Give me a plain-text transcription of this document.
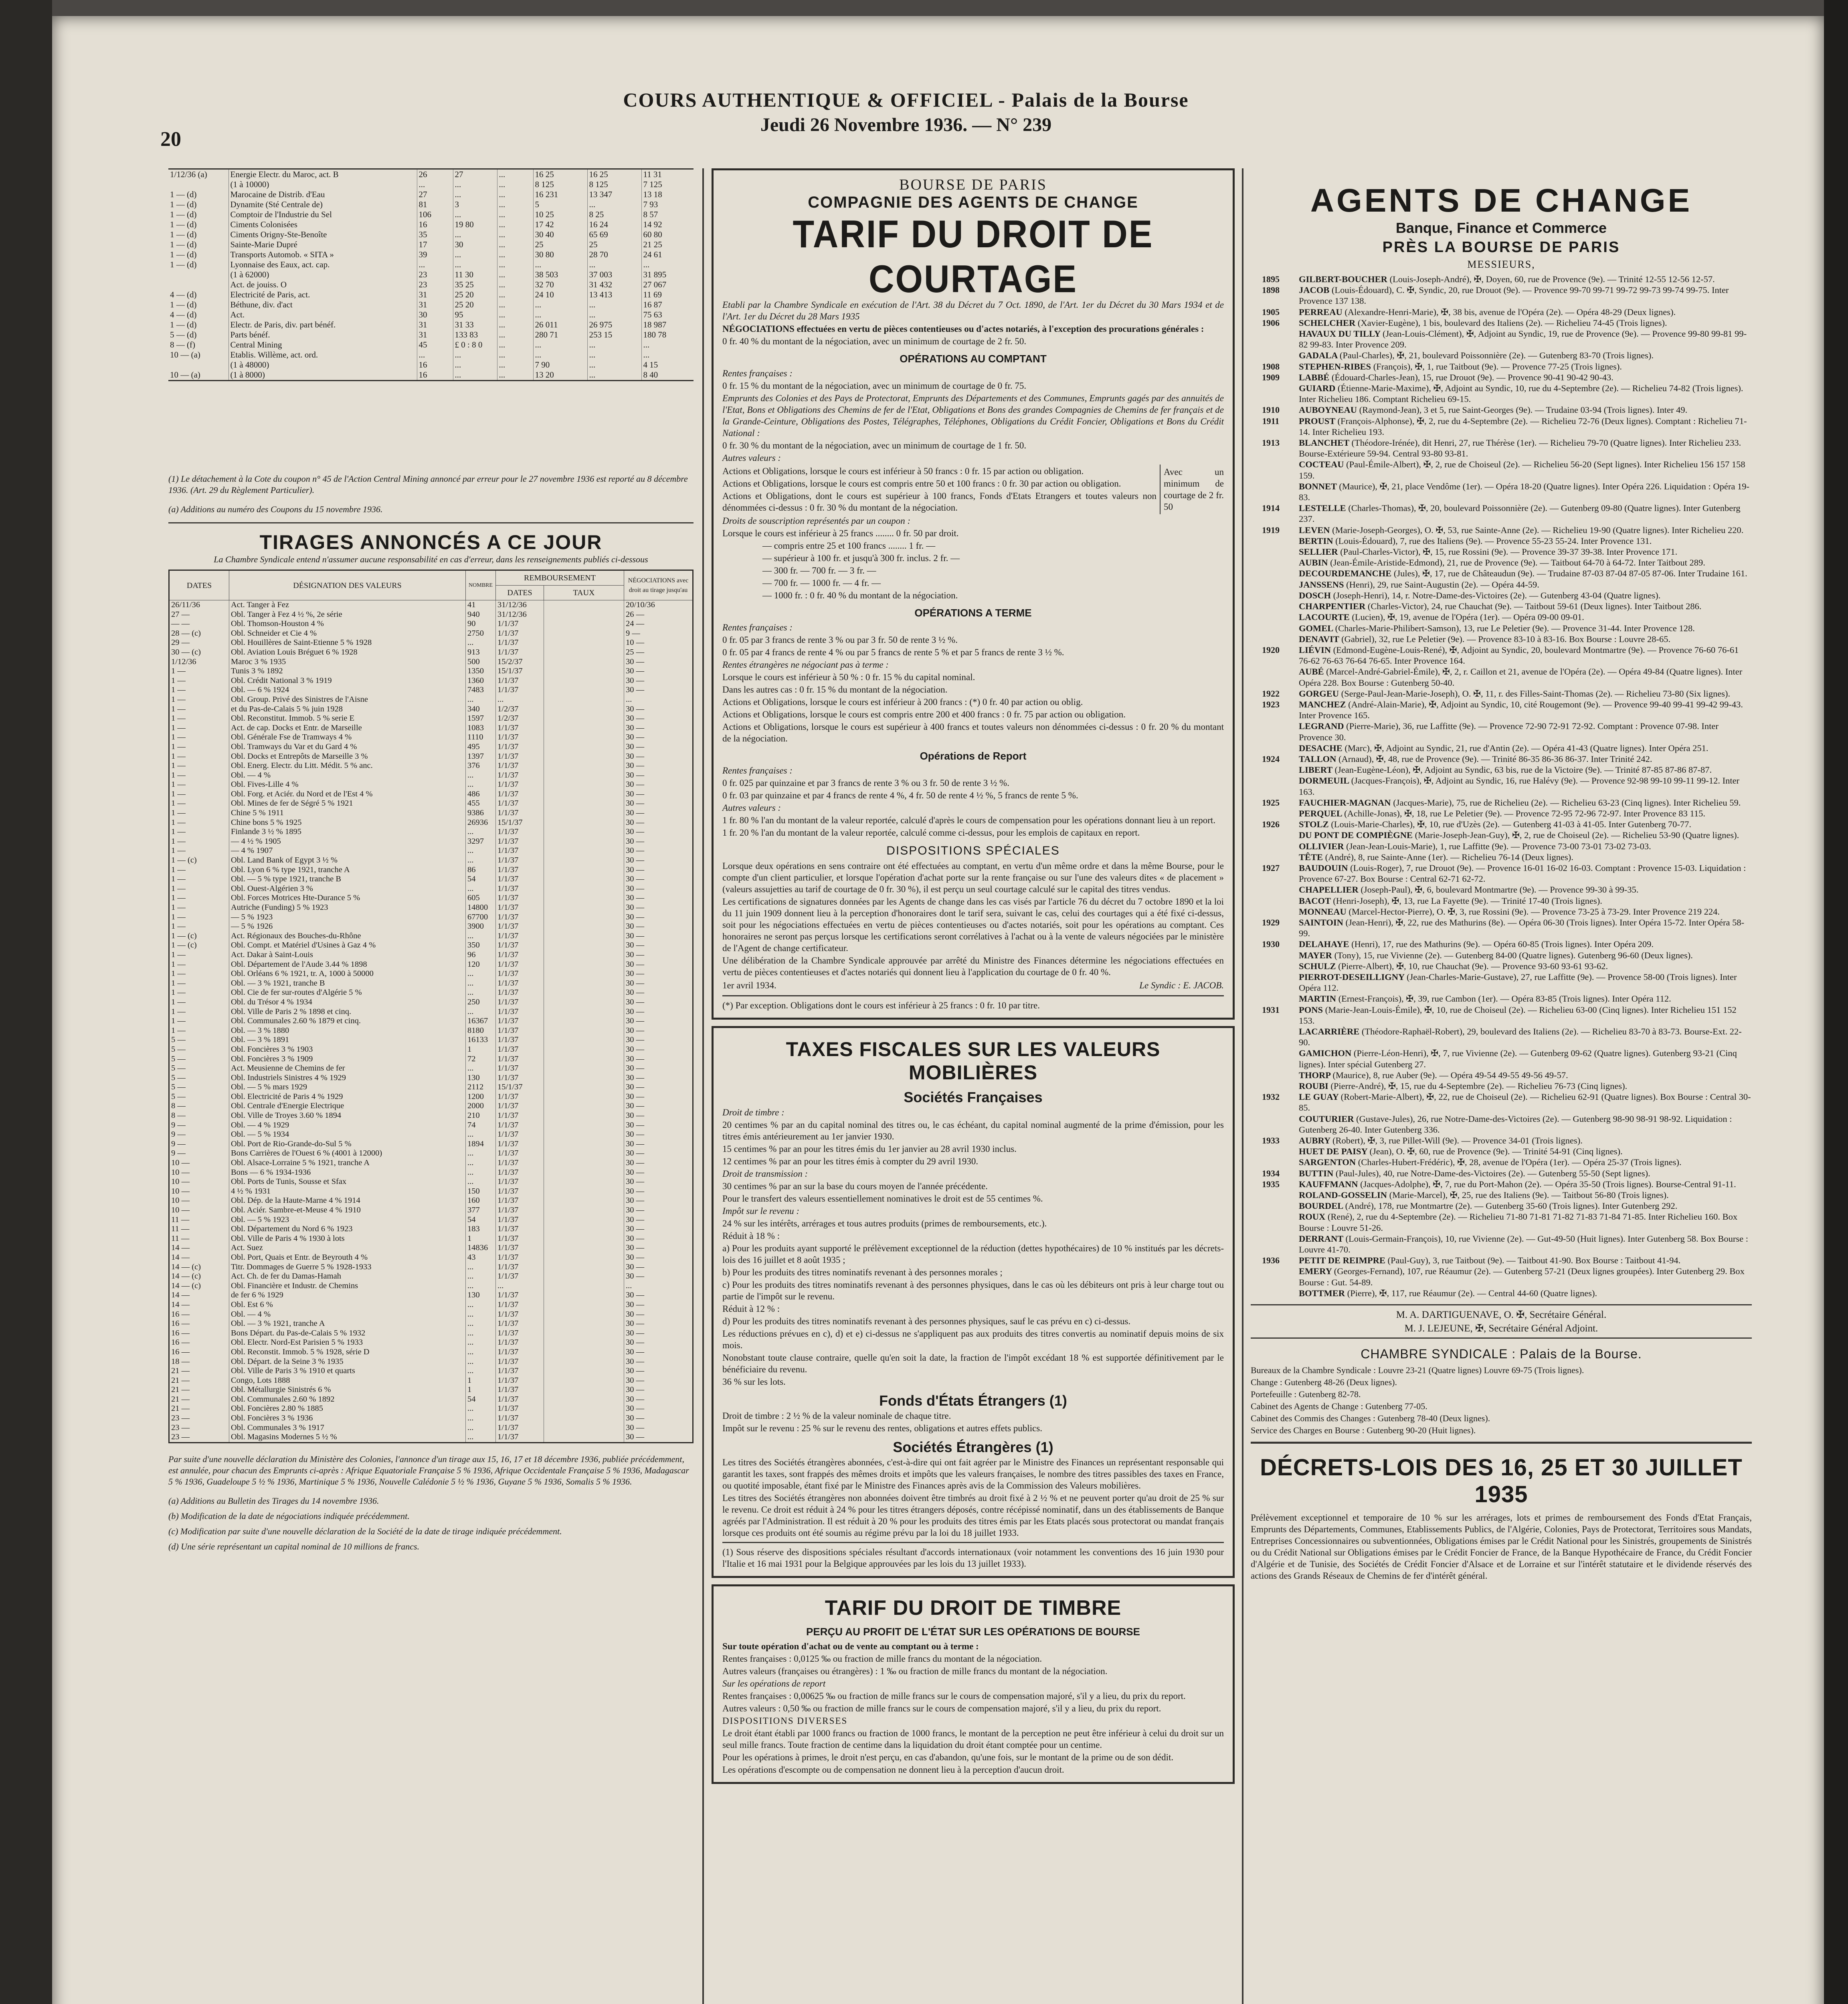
20
COURS AUTHENTIQUE & OFFICIEL - Palais de la Bourse
Jeudi 26 Novembre 1936. — N° 239
1/12/36 (a)	Energie Electr. du Maroc, act. B	26	27	...	16 25	16 25	11 31
	(1 à 10000)	...	...	...	8 125	8 125	7 125
1 — (d)	Marocaine de Distrib. d'Eau	27	...	...	16 231	13 347	13 18
1 — (d)	Dynamite (Sté Centrale de)	81	3	...	5	...	7 93
1 — (d)	Comptoir de l'Industrie du Sel	106	...	...	10 25	8 25	8 57
1 — (d)	Ciments Colonisées	16	19 80	...	17 42	16 24	14 92
1 — (d)	Ciments Origny-Ste-Benoîte	35	...	...	30 40	65 69	60 80
1 — (d)	Sainte-Marie Dupré	17	30	...	25	25	21 25
1 — (d)	Transports Automob. « SITA »	39	...	...	30 80	28 70	24 61
1 — (d)	Lyonnaise des Eaux, act. cap.	...	...	...	...	...	...
	(1 à 62000)	23	11 30	...	38 503	37 003	31 895
	Act. de jouiss. O	23	35 25	...	32 70	31 432	27 067
4 — (d)	Electricité de Paris, act.	31	25 20	...	24 10	13 413	11 69
1 — (d)	Béthune, div. d'act	31	25 20	...	...	...	16 87
4 — (d)	Act.	30	95	...	...	...	75 63
1 — (d)	Electr. de Paris, div. part bénéf.	31	31 33	...	26 011	26 975	18 987
5 — (d)	Parts bénéf.	31	133 83	...	280 71	253 15	180 78
8 — (f)	Central Mining	45	£ 0 : 8 0	...	...	...	...
10 — (a)	Etablis. Willème, act. ord.	...	...	...	...	...	...
	(1 à 48000)	16	...	...	7 90	...	4 15
10 — (a)	(1 à 8000)	16	...	...	13 20	...	8 40
(1) Le détachement à la Cote du coupon n° 45 de l'Action Central Mining annoncé par erreur pour le 27 novembre 1936 est reporté au 8 décembre 1936. (Art. 29 du Règlement Particulier).
(a) Additions au numéro des Coupons du 15 novembre 1936.
TIRAGES ANNONCÉS A CE JOUR
La Chambre Syndicale entend n'assumer aucune responsabilité en cas d'erreur, dans les renseignements publiés ci-dessous
DATES	DÉSIGNATION DES VALEURS	NOMBRE	REMBOURSEMENT		NÉGOCIATIONS avec droit au tirage jusqu'au
			DATES	TAUX	
26/11/36	Act. Tanger à Fez	41	31/12/36		20/10/36
27 —	Obl. Tanger à Fez 4 ½ %, 2e série	940	31/12/36		26 —
— —	Obl. Thomson-Houston 4 %	90	1/1/37		24 —
28 — (c)	Obl. Schneider et Cie 4 %	2750	1/1/37		9 —
29 —	Obl. Houillères de Saint-Etienne 5 % 1928	...	1/1/37		10 —
30 — (c)	Obl. Aviation Louis Bréguet 6 % 1928	913	1/1/37		25 —
1/12/36	Maroc 3 % 1935	500	15/2/37		30 —
1 —	Tunis 3 % 1892	1350	15/1/37		30 —
1 —	Obl. Crédit National 3 % 1919	1360	1/1/37		30 —
1 —	Obl. — 6 % 1924	7483	1/1/37		30 —
1 —	Obl. Group. Privé des Sinistres de l'Aisne	...	...		...
1 —	et du Pas-de-Calais 5 % juin 1928	340	1/2/37		30 —
1 —	Obl. Reconstitut. Immob. 5 % serie E	1597	1/2/37		30 —
1 —	Act. de cap. Docks et Entr. de Marseille	1083	1/1/37		30 —
1 —	Obl. Générale Fse de Tramways 4 %	1110	1/1/37		30 —
1 —	Obl. Tramways du Var et du Gard 4 %	495	1/1/37		30 —
1 —	Obl. Docks et Entrepôts de Marseille 3 %	1397	1/1/37		30 —
1 —	Obl. Energ. Electr. du Litt. Médit. 5 % anc.	376	1/1/37		30 —
1 —	Obl. — 4 %	...	1/1/37		30 —
1 —	Obl. Fives-Lille 4 %	...	1/1/37		30 —
1 —	Obl. Forg. et Aciér. du Nord et de l'Est 4 %	486	1/1/37		30 —
1 —	Obl. Mines de fer de Ségré 5 % 1921	455	1/1/37		30 —
1 —	Chine 5 % 1911	9386	1/1/37		30 —
1 —	Chine bons 5 % 1925	26936	15/1/37		30 —
1 —	Finlande 3 ½ % 1895	...	1/1/37		30 —
1 —	— 4 ½ % 1905	3297	1/1/37		30 —
1 —	— 4 % 1907	...	1/1/37		30 —
1 — (c)	Obl. Land Bank of Egypt 3 ½ %	...	1/1/37		30 —
1 —	Obl. Lyon 6 % type 1921, tranche A	86	1/1/37		30 —
1 —	Obl. — 5 % type 1921, tranche B	54	1/1/37		30 —
1 —	Obl. Ouest-Algérien 3 %	...	1/1/37		30 —
1 —	Obl. Forces Motrices Hte-Durance 5 %	605	1/1/37		30 —
1 —	Autriche (Funding) 5 % 1923	14800	1/1/37		30 —
1 —	— 5 % 1923	67700	1/1/37		30 —
1 —	— 5 % 1926	3900	1/1/37		30 —
1 — (c)	Act. Régionaux des Bouches-du-Rhône	...	1/1/37		30 —
1 — (c)	Obl. Compt. et Matériel d'Usines à Gaz 4 %	350	1/1/37		30 —
1 —	Act. Dakar à Saint-Louis	96	1/1/37		30 —
1 —	Obl. Département de l'Aude 3.44 % 1898	120	1/1/37		30 —
1 —	Obl. Orléans 6 % 1921, tr. A, 1000 à 50000	...	1/1/37		30 —
1 —	Obl. — 3 % 1921, tranche B	...	1/1/37		30 —
1 —	Obl. Cie de fer sur-routes d'Algérie 5 %	...	1/1/37		30 —
1 —	Obl. du Trésor 4 % 1934	250	1/1/37		30 —
1 —	Obl. Ville de Paris 2 % 1898 et cinq.	...	1/1/37		30 —
1 —	Obl. Communales 2.60 % 1879 et cinq.	16367	1/1/37		30 —
1 —	Obl. — 3 % 1880	8180	1/1/37		30 —
5 —	Obl. — 3 % 1891	16133	1/1/37		30 —
5 —	Obl. Foncières 3 % 1903	1	1/1/37		30 —
5 —	Obl. Foncières 3 % 1909	72	1/1/37		30 —
5 —	Act. Meusienne de Chemins de fer	...	1/1/37		30 —
5 —	Obl. Industriels Sinistres 4 % 1929	130	1/1/37		30 —
5 —	Obl. — 5 % mars 1929	2112	15/1/37		30 —
5 —	Obl. Electricité de Paris 4 % 1929	1200	1/1/37		30 —
8 —	Obl. Centrale d'Energie Electrique	2000	1/1/37		30 —
8 —	Obl. Ville de Troyes 3.60 % 1894	210	1/1/37		30 —
9 —	Obl. — 4 % 1929	74	1/1/37		30 —
9 —	Obl. — 5 % 1934	...	1/1/37		30 —
9 —	Obl. Port de Rio-Grande-do-Sul 5 %	1894	1/1/37		30 —
9 —	Bons Carrières de l'Ouest 6 % (4001 à 12000)	...	1/1/37		30 —
10 —	Obl. Alsace-Lorraine 5 % 1921, tranche A	...	1/1/37		30 —
10 —	Bons — 6 % 1934-1936	...	1/1/37		30 —
10 —	Obl. Ports de Tunis, Sousse et Sfax	...	1/1/37		30 —
10 —	4 ½ % 1931	150	1/1/37		30 —
10 —	Obl. Dép. de la Haute-Marne 4 % 1914	160	1/1/37		30 —
10 —	Obl. Aciér. Sambre-et-Meuse 4 % 1910	377	1/1/37		30 —
11 —	Obl. — 5 % 1923	54	1/1/37		30 —
11 —	Obl. Département du Nord 6 % 1923	183	1/1/37		30 —
11 —	Obl. Ville de Paris 4 % 1930 à lots	1	1/1/37		30 —
14 —	Act. Suez	14836	1/1/37		30 —
14 —	Obl. Port, Quais et Entr. de Beyrouth 4 %	43	1/1/37		30 —
14 — (c)	Titr. Dommages de Guerre 5 % 1928-1933	...	1/1/37		30 —
14 — (c)	Act. Ch. de fer du Damas-Hamah	...	1/1/37		30 —
14 — (c)	Obl. Financière et Industr. de Chemins	...	...		...
14 —	de fer 6 % 1929	130	1/1/37		30 —
14 —	Obl. Est 6 %	...	1/1/37		30 —
16 —	Obl. — 4 %	...	1/1/37		30 —
16 —	Obl. — 3 % 1921, tranche A	...	1/1/37		30 —
16 —	Bons Départ. du Pas-de-Calais 5 % 1932	...	1/1/37		30 —
16 —	Obl. Electr. Nord-Est Parisien 5 % 1933	...	1/1/37		30 —
16 —	Obl. Reconstit. Immob. 5 % 1928, série D	...	1/1/37		30 —
18 —	Obl. Départ. de la Seine 3 % 1935	...	1/1/37		30 —
21 —	Obl. Ville de Paris 3 % 1910 et quarts	...	1/1/37		30 —
21 —	Congo, Lots 1888	1	1/1/37		30 —
21 —	Obl. Métallurgie Sinistrés 6 %	1	1/1/37		30 —
21 —	Obl. Communales 2.60 % 1892	54	1/1/37		30 —
21 —	Obl. Foncières 2.80 % 1885	...	1/1/37		30 —
23 —	Obl. Foncières 3 % 1936	...	1/1/37		30 —
23 —	Obl. Communales 3 % 1917	...	1/1/37		30 —
23 —	Obl. Magasins Modernes 5 ½ %	...	1/1/37		30 —
Par suite d'une nouvelle déclaration du Ministère des Colonies, l'annonce d'un tirage aux 15, 16, 17 et 18 décembre 1936, publiée précédemment, est annulée, pour chacun des Emprunts ci-après : Afrique Equatoriale Française 5 % 1936, Afrique Occidentale Française 5 % 1936, Madagascar 5 % 1936, Guadeloupe 5 ½ % 1936, Martinique 5 % 1936, Nouvelle Calédonie 5 ½ % 1936, Guyane 5 % 1936, Somalis 5 % 1936.
(a) Additions au Bulletin des Tirages du 14 novembre 1936.
(b) Modification de la date de négociations indiquée précédemment.
(c) Modification par suite d'une nouvelle déclaration de la Société de la date de tirage indiquée précédemment.
(d) Une série représentant un capital nominal de 10 millions de francs.
BOURSE DE PARIS
COMPAGNIE DES AGENTS DE CHANGE
TARIF DU DROIT DE COURTAGE
Etabli par la Chambre Syndicale en exécution de l'Art. 38 du Décret du 7 Oct. 1890, de l'Art. 1er du Décret du 30 Mars 1934 et de l'Art. 1er du Décret du 28 Mars 1935
NÉGOCIATIONS effectuées en vertu de pièces contentieuses ou d'actes notariés, à l'exception des procurations générales :
0 fr. 40 % du montant de la négociation, avec un minimum de courtage de 2 fr. 50.
OPÉRATIONS AU COMPTANT
Rentes françaises :
0 fr. 15 % du montant de la négociation, avec un minimum de courtage de 0 fr. 75.
Emprunts des Colonies et des Pays de Protectorat, Emprunts des Départements et des Communes, Emprunts gagés par des annuités de l'Etat, Bons et Obligations des Chemins de fer de l'Etat, Obligations et Bons des grandes Compagnies de Chemins de fer français et de la Grande-Ceinture, Obligations des Postes, Télégraphes, Téléphones, Obligations du Crédit Foncier, Obligations et Bons du Crédit National :
0 fr. 30 % du montant de la négociation, avec un minimum de courtage de 1 fr. 50.
Autres valeurs :
Actions et Obligations, lorsque le cours est inférieur à 50 francs : 0 fr. 15 par action ou obligation.
Actions et Obligations, lorsque le cours est compris entre 50 et 100 francs : 0 fr. 30 par action ou obligation.
Actions et Obligations, dont le cours est supérieur à 100 francs, Fonds d'Etats Etrangers et toutes valeurs non dénommées ci-dessus : 0 fr. 30 % du montant de la négociation.
Avec un minimum de courtage de 2 fr. 50
Droits de souscription représentés par un coupon :
Lorsque le cours est inférieur à 25 francs ........ 0 fr. 50 par droit.
— compris entre 25 et 100 francs ........ 1 fr. —
— supérieur à 100 fr. et jusqu'à 300 fr. inclus. 2 fr. —
— 300 fr. — 700 fr. — 3 fr. —
— 700 fr. — 1000 fr. — 4 fr. —
— 1000 fr. : 0 fr. 40 % du montant de la négociation.
OPÉRATIONS A TERME
Rentes françaises :
0 fr. 05 par 3 francs de rente 3 % ou par 3 fr. 50 de rente 3 ½ %.
0 fr. 05 par 4 francs de rente 4 % ou par 5 francs de rente 5 % et par 5 francs de rente 3 ½ %.
Rentes étrangères ne négociant pas à terme :
Lorsque le cours est inférieur à 50 % : 0 fr. 15 % du capital nominal.
Dans les autres cas : 0 fr. 15 % du montant de la négociation.
Actions et Obligations, lorsque le cours est inférieur à 200 francs : (*) 0 fr. 40 par action ou oblig.
Actions et Obligations, lorsque le cours est compris entre 200 et 400 francs : 0 fr. 75 par action ou obligation.
Actions et Obligations, lorsque le cours est supérieur à 400 francs et toutes valeurs non dénommées ci-dessus : 0 fr. 20 % du montant de la négociation.
Opérations de Report
Rentes françaises :
0 fr. 025 par quinzaine et par 3 francs de rente 3 % ou 3 fr. 50 de rente 3 ½ %.
0 fr. 03 par quinzaine et par 4 francs de rente 4 %, 4 fr. 50 de rente 4 ½ %, 5 francs de rente 5 %.
Autres valeurs :
1 fr. 80 % l'an du montant de la valeur reportée, calculé d'après le cours de compensation pour les opérations donnant lieu à un report.
1 fr. 20 % l'an du montant de la valeur reportée, calculé comme ci-dessus, pour les emplois de capitaux en report.
DISPOSITIONS SPÉCIALES
Lorsque deux opérations en sens contraire ont été effectuées au comptant, en vertu d'un même ordre et dans la même Bourse, pour le compte d'un client particulier, et lorsque l'opération d'achat porte sur la rente française ou sur l'une des valeurs dites « de placement » (valeurs assujetties au tarif de courtage de 0 fr. 30 %), il est perçu un seul courtage calculé sur le capital des titres vendus.
Les certifications de signatures données par les Agents de change dans les cas visés par l'article 76 du décret du 7 octobre 1890 et la loi du 11 juin 1909 donnent lieu à la perception d'honoraires dont le tarif sera, suivant le cas, celui des courtages qui a été fixé ci-dessus, soit pour les négociations effectuées en vertu de pièces contentieuses ou d'actes notariés, soit pour les opérations au comptant. Ces honoraires ne seront pas perçus lorsque les certifications seront corrélatives à l'achat ou à la vente de valeurs négociées par le ministère de l'Agent de change certificateur.
Une délibération de la Chambre Syndicale approuvée par arrêté du Ministre des Finances détermine les négociations effectuées en vertu de pièces contentieuses et d'actes notariés qui donnent lieu à l'application du courtage de 0 fr. 40 %.
1er avril 1934.	Le Syndic : E. JACOB.
(*) Par exception. Obligations dont le cours est inférieur à 25 francs : 0 fr. 10 par titre.
TAXES FISCALES SUR LES VALEURS MOBILIÈRES
Sociétés Françaises
Droit de timbre :
20 centimes % par an du capital nominal des titres ou, le cas échéant, du capital nominal augmenté de la prime d'émission, pour les titres émis antérieurement au 1er janvier 1930.
15 centimes % par an pour les titres émis du 1er janvier au 28 avril 1930 inclus.
12 centimes % par an pour les titres émis à compter du 29 avril 1930.
Droit de transmission :
30 centimes % par an sur la base du cours moyen de l'année précédente.
Pour le transfert des valeurs essentiellement nominatives le droit est de 55 centimes %.
Impôt sur le revenu :
24 % sur les intérêts, arrérages et tous autres produits (primes de remboursements, etc.).
Réduit à 18 % :
a) Pour les produits ayant supporté le prélèvement exceptionnel de la réduction (dettes hypothécaires) de 10 % institués par les décrets-lois des 16 juillet et 8 août 1935 ;
b) Pour les produits des titres nominatifs revenant à des personnes morales ;
c) Pour les produits des titres nominatifs revenant à des personnes physiques, dans le cas où les débiteurs ont pris à leur charge tout ou partie de l'impôt sur le revenu.
Réduit à 12 % :
d) Pour les produits des titres nominatifs revenant à des personnes physiques, sauf le cas prévu en c) ci-dessus.
Les réductions prévues en c), d) et e) ci-dessus ne s'appliquent pas aux produits des titres convertis au nominatif depuis moins de six mois.
Nonobstant toute clause contraire, quelle qu'en soit la date, la fraction de l'impôt excédant 18 % est supportée définitivement par le bénéficiaire du revenu.
36 % sur les lots.
Fonds d'États Étrangers (1)
Droit de timbre : 2 ½ % de la valeur nominale de chaque titre.
Impôt sur le revenu : 25 % sur le revenu des rentes, obligations et autres effets publics.
Sociétés Étrangères (1)
Les titres des Sociétés étrangères abonnées, c'est-à-dire qui ont fait agréer par le Ministre des Finances un représentant responsable qui garantit les taxes, sont frappés des mêmes droits et impôts que les valeurs françaises, le nombre des titres passibles des taxes en France, ou quotité imposable, étant fixé par le Ministre des Finances après avis de la Commission des Valeurs mobilières.
Les titres des Sociétés étrangères non abonnées doivent être timbrés au droit fixé à 2 ½ % et ne peuvent porter qu'au droit de 25 % sur le revenu. Ce droit est réduit à 24 % pour les titres étrangers déposés, contre récépissé nominatif, dans un des établissements de Banque agréés par l'Administration. Il est réduit à 20 % pour les produits des titres émis par les Etats placés sous protectorat ou mandat français lorsque ces produits ont été soumis au régime prévu par la loi du 18 juillet 1933.
(1) Sous réserve des dispositions spéciales résultant d'accords internationaux (voir notamment les conventions des 16 juin 1930 pour l'Italie et 16 mai 1931 pour la Belgique approuvées par les lois du 13 juillet 1933).
TARIF DU DROIT DE TIMBRE
PERÇU AU PROFIT DE L'ÉTAT SUR LES OPÉRATIONS DE BOURSE
Sur toute opération d'achat ou de vente au comptant ou à terme :
Rentes françaises : 0,0125 ‰ ou fraction de mille francs du montant de la négociation.
Autres valeurs (françaises ou étrangères) : 1 ‰ ou fraction de mille francs du montant de la négociation.
Sur les opérations de report
Rentes françaises : 0,00625 ‰ ou fraction de mille francs sur le cours de compensation majoré, s'il y a lieu, du prix du report.
Autres valeurs : 0,50 ‰ ou fraction de mille francs sur le cours de compensation majoré, s'il y a lieu, du prix du report.
DISPOSITIONS DIVERSES
Le droit étant établi par 1000 francs ou fraction de 1000 francs, le montant de la perception ne peut être inférieur à celui du droit sur un seul mille francs. Toute fraction de centime dans la liquidation du droit étant comptée pour un centime.
Pour les opérations à primes, le droit n'est perçu, en cas d'abandon, qu'une fois, sur le montant de la prime ou de son dédit.
Les opérations d'escompte ou de compensation ne donnent lieu à la perception d'aucun droit.
AGENTS DE CHANGE
Banque, Finance et Commerce
PRÈS LA BOURSE DE PARIS
MESSIEURS,
1895	GILBERT-BOUCHER (Louis-Joseph-André), ✠, Doyen, 60, rue de Provence (9e). — Trinité 12-55 12-56 12-57.
1898	JACOB (Louis-Édouard), C. ✠, Syndic, 20, rue Drouot (9e). — Provence 99-70 99-71 99-72 99-73 99-74 99-75. Inter Provence 137 138.
1905	PERREAU (Alexandre-Henri-Marie), ✠, 38 bis, avenue de l'Opéra (2e). — Opéra 48-29 (Deux lignes).
1906	SCHELCHER (Xavier-Eugène), 1 bis, boulevard des Italiens (2e). — Richelieu 74-45 (Trois lignes).
HAVAUX DU TILLY (Jean-Louis-Clément), ✠, Adjoint au Syndic, 19, rue de Provence (9e). — Provence 99-80 99-81 99-82 99-83. Inter Provence 209.
GADALA (Paul-Charles), ✠, 21, boulevard Poissonnière (2e). — Gutenberg 83-70 (Trois lignes).
1908	STEPHEN-RIBES (François), ✠, 1, rue Taitbout (9e). — Provence 77-25 (Trois lignes).
1909	LABBÉ (Édouard-Charles-Jean), 15, rue Drouot (9e). — Provence 90-41 90-42 90-43.
GUIARD (Étienne-Marie-Maxime), ✠, Adjoint au Syndic, 10, rue du 4-Septembre (2e). — Richelieu 74-82 (Trois lignes). Inter Richelieu 186. Comptant Richelieu 69-15.
1910	AUBOYNEAU (Raymond-Jean), 3 et 5, rue Saint-Georges (9e). — Trudaine 03-94 (Trois lignes). Inter 49.
1911	PROUST (François-Alphonse), ✠, 2, rue du 4-Septembre (2e). — Richelieu 72-76 (Deux lignes). Comptant : Richelieu 71-14. Inter Richelieu 193.
1913	BLANCHET (Théodore-Irénée), dit Henri, 27, rue Thérèse (1er). — Richelieu 79-70 (Quatre lignes). Inter Richelieu 233. Bourse-Extérieure 59-94. Central 93-80 93-81.
COCTEAU (Paul-Émile-Albert), ✠, 2, rue de Choiseul (2e). — Richelieu 56-20 (Sept lignes). Inter Richelieu 156 157 158 159.
BONNET (Maurice), ✠, 21, place Vendôme (1er). — Opéra 18-20 (Quatre lignes). Inter Opéra 226. Liquidation : Opéra 19-83.
1914	LESTELLE (Charles-Thomas), ✠, 20, boulevard Poissonnière (2e). — Gutenberg 09-80 (Quatre lignes). Inter Gutenberg 237.
1919	LEVEN (Marie-Joseph-Georges), O. ✠, 53, rue Sainte-Anne (2e). — Richelieu 19-90 (Quatre lignes). Inter Richelieu 220.
BERTIN (Louis-Édouard), 7, rue des Italiens (9e). — Provence 55-23 55-24. Inter Provence 131.
SELLIER (Paul-Charles-Victor), ✠, 15, rue Rossini (9e). — Provence 39-37 39-38. Inter Provence 171.
AUBIN (Jean-Émile-Aristide-Edmond), 21, rue de Provence (9e). — Taitbout 64-70 à 64-72. Inter Taitbout 289.
DECOURDEMANCHE (Jules), ✠, 17, rue de Châteaudun (9e). — Trudaine 87-03 87-04 87-05 87-06. Inter Trudaine 161.
JANSSENS (Henri), 29, rue Saint-Augustin (2e). — Opéra 44-59.
DOSCH (Joseph-Henri), 14, r. Notre-Dame-des-Victoires (2e). — Gutenberg 43-04 (Quatre lignes).
CHARPENTIER (Charles-Victor), 24, rue Chauchat (9e). — Taitbout 59-61 (Deux lignes). Inter Taitbout 286.
LACOURTE (Lucien), ✠, 19, avenue de l'Opéra (1er). — Opéra 09-00 09-01.
GOMEL (Charles-Marie-Philibert-Samson), 13, rue Le Peletier (9e). — Provence 31-44. Inter Provence 128.
DENAVIT (Gabriel), 32, rue Le Peletier (9e). — Provence 83-10 à 83-16. Box Bourse : Louvre 28-65.
1920	LIÉVIN (Edmond-Eugène-Louis-René), ✠, Adjoint au Syndic, 20, boulevard Montmartre (9e). — Provence 76-60 76-61 76-62 76-63 76-64 76-65. Inter Provence 164.
AUBÉ (Marcel-André-Gabriel-Émile), ✠, 2, r. Caillon et 21, avenue de l'Opéra (2e). — Opéra 49-84 (Quatre lignes). Inter Opéra 228. Box Bourse : Gutenberg 50-40.
1922	GORGEU (Serge-Paul-Jean-Marie-Joseph), O. ✠, 11, r. des Filles-Saint-Thomas (2e). — Richelieu 73-80 (Six lignes).
1923	MANCHEZ (André-Alain-Marie), ✠, Adjoint au Syndic, 10, cité Rougemont (9e). — Provence 99-40 99-41 99-42 99-43. Inter Provence 165.
LEGRAND (Pierre-Marie), 36, rue Laffitte (9e). — Provence 72-90 72-91 72-92. Comptant : Provence 07-98. Inter Provence 30.
DESACHE (Marc), ✠, Adjoint au Syndic, 21, rue d'Antin (2e). — Opéra 41-43 (Quatre lignes). Inter Opéra 251.
1924	TALLON (Arnaud), ✠, 48, rue de Provence (9e). — Trinité 86-35 86-36 86-37. Inter Trinité 242.
LIBERT (Jean-Eugène-Léon), ✠, Adjoint au Syndic, 63 bis, rue de la Victoire (9e). — Trinité 87-85 87-86 87-87.
DORMEUIL (Jacques-François), ✠, Adjoint au Syndic, 16, rue Halévy (9e). — Provence 92-98 99-10 99-11 99-12. Inter 163.
1925	FAUCHIER-MAGNAN (Jacques-Marie), 75, rue de Richelieu (2e). — Richelieu 63-23 (Cinq lignes). Inter Richelieu 59.
PERQUEL (Achille-Jonas), ✠, 18, rue Le Peletier (9e). — Provence 72-95 72-96 72-97. Inter Provence 83 115.
1926	STOLZ (Louis-Marie-Charles), ✠, 10, rue d'Uzès (2e). — Gutenberg 41-03 à 41-05. Inter Gutenberg 70-77.
DU PONT DE COMPIÈGNE (Marie-Joseph-Jean-Guy), ✠, 2, rue de Choiseul (2e). — Richelieu 53-90 (Quatre lignes).
OLLIVIER (Jean-Jean-Louis-Marie), 1, rue Laffitte (9e). — Provence 73-00 73-01 73-02 73-03.
TÊTE (André), 8, rue Sainte-Anne (1er). — Richelieu 76-14 (Deux lignes).
1927	BAUDOUIN (Louis-Roger), 7, rue Drouot (9e). — Provence 16-01 16-02 16-03. Comptant : Provence 15-03. Liquidation : Provence 67-27. Box Bourse : Central 62-71 62-72.
CHAPELLIER (Joseph-Paul), ✠, 6, boulevard Montmartre (9e). — Provence 99-30 à 99-35.
BACOT (Henri-Joseph), ✠, 13, rue La Fayette (9e). — Trinité 17-40 (Trois lignes).
MONNEAU (Marcel-Hector-Pierre), O. ✠, 3, rue Rossini (9e). — Provence 73-25 à 73-29. Inter Provence 219 224.
1929	SAINTOIN (Jean-Henri), ✠, 22, rue des Mathurins (8e). — Opéra 06-30 (Trois lignes). Inter Opéra 15-72. Inter Opéra 58-99.
1930	DELAHAYE (Henri), 17, rue des Mathurins (9e). — Opéra 60-85 (Trois lignes). Inter Opéra 209.
MAYER (Tony), 15, rue Vivienne (2e). — Gutenberg 84-00 (Quatre lignes). Gutenberg 96-60 (Deux lignes).
SCHULZ (Pierre-Albert), ✠, 10, rue Chauchat (9e). — Provence 93-60 93-61 93-62.
PIERROT-DESEILLIGNY (Jean-Charles-Marie-Gustave), 27, rue Laffitte (9e). — Provence 58-00 (Trois lignes). Inter Opéra 112.
MARTIN (Ernest-François), ✠, 39, rue Cambon (1er). — Opéra 83-85 (Trois lignes). Inter Opéra 112.
1931	PONS (Marie-Jean-Louis-Émile), ✠, 10, rue de Choiseul (2e). — Richelieu 63-00 (Cinq lignes). Inter Richelieu 151 152 153.
LACARRIÈRE (Théodore-Raphaël-Robert), 29, boulevard des Italiens (2e). — Richelieu 83-70 à 83-73. Bourse-Ext. 22-90.
GAMICHON (Pierre-Léon-Henri), ✠, 7, rue Vivienne (2e). — Gutenberg 09-62 (Quatre lignes). Gutenberg 93-21 (Cinq lignes). Inter spécial Gutenberg 27.
THORP (Maurice), 8, rue Auber (9e). — Opéra 49-54 49-55 49-56 49-57.
ROUBI (Pierre-André), ✠, 15, rue du 4-Septembre (2e). — Richelieu 76-73 (Cinq lignes).
1932	LE GUAY (Robert-Marie-Albert), ✠, 22, rue de Choiseul (2e). — Richelieu 62-91 (Quatre lignes). Box Bourse : Central 30-85.
COUTURIER (Gustave-Jules), 26, rue Notre-Dame-des-Victoires (2e). — Gutenberg 98-90 98-91 98-92. Liquidation : Gutenberg 26-40. Inter Gutenberg 336.
1933	AUBRY (Robert), ✠, 3, rue Pillet-Will (9e). — Provence 34-01 (Trois lignes).
HUET DE PAISY (Jean), O. ✠, 60, rue de Provence (9e). — Trinité 54-91 (Cinq lignes).
SARGENTON (Charles-Hubert-Frédéric), ✠, 28, avenue de l'Opéra (1er). — Opéra 25-37 (Trois lignes).
1934	BUTTIN (Paul-Jules), 40, rue Notre-Dame-des-Victoires (2e). — Gutenberg 55-50 (Sept lignes).
1935	KAUFFMANN (Jacques-Adolphe), ✠, 7, rue du Port-Mahon (2e). — Opéra 35-50 (Trois lignes). Bourse-Central 91-11.
ROLAND-GOSSELIN (Marie-Marcel), ✠, 25, rue des Italiens (9e). — Taitbout 56-80 (Trois lignes).
BOURDEL (André), 178, rue Montmartre (2e). — Gutenberg 35-60 (Trois lignes). Inter Gutenberg 292.
ROUX (René), 2, rue du 4-Septembre (2e). — Richelieu 71-80 71-81 71-82 71-83 71-84 71-85. Inter Richelieu 160. Box Bourse : Louvre 51-26.
DERRANT (Louis-Germain-François), 10, rue Vivienne (2e). — Gut-49-50 (Huit lignes). Inter Gutenberg 58. Box Bourse : Louvre 41-70.
1936	PETIT DE REIMPRE (Paul-Guy), 3, rue Taitbout (9e). — Taitbout 41-90. Box Bourse : Taitbout 41-94.
EMERY (Georges-Fernand), 107, rue Réaumur (2e). — Gutenberg 57-21 (Deux lignes groupées). Inter Gutenberg 29. Box Bourse : Gut. 54-89.
BOTTMER (Pierre), ✠, 117, rue Réaumur (2e). — Central 44-60 (Quatre lignes).
M. A. DARTIGUENAVE, O. ✠, Secrétaire Général.
M. J. LEJEUNE, ✠, Secrétaire Général Adjoint.
CHAMBRE SYNDICALE : Palais de la Bourse.
Bureaux de la Chambre Syndicale : Louvre 23-21 (Quatre lignes) Louvre 69-75 (Trois lignes).
Change : Gutenberg 48-26 (Deux lignes).
Portefeuille : Gutenberg 82-78.
Cabinet des Agents de Change : Gutenberg 77-05.
Cabinet des Commis des Changes : Gutenberg 78-40 (Deux lignes).
Service des Charges en Bourse : Gutenberg 90-20 (Huit lignes).
DÉCRETS-LOIS DES 16, 25 ET 30 JUILLET 1935
Prélèvement exceptionnel et temporaire de 10 % sur les arrérages, lots et primes de remboursement des Fonds d'Etat Français, Emprunts des Départements, Communes, Etablissements Publics, de l'Algérie, Colonies, Pays de Protectorat, Territoires sous Mandats, Entreprises Concessionnaires ou subventionnées, Obligations émises par le Crédit National pour les Sinistrés, groupements de Sinistrés ou du Crédit National sur Obligations émises par le Crédit Foncier de France, de la Banque Hypothécaire de France, du Crédit Foncier d'Algérie et de Tunisie, des Sociétés de Crédit Foncier d'Alsace et de Lorraine et sur l'intérêt statutaire et le dividende réservés des actions des Grands Réseaux de Chemins de fer d'intérêt général.
